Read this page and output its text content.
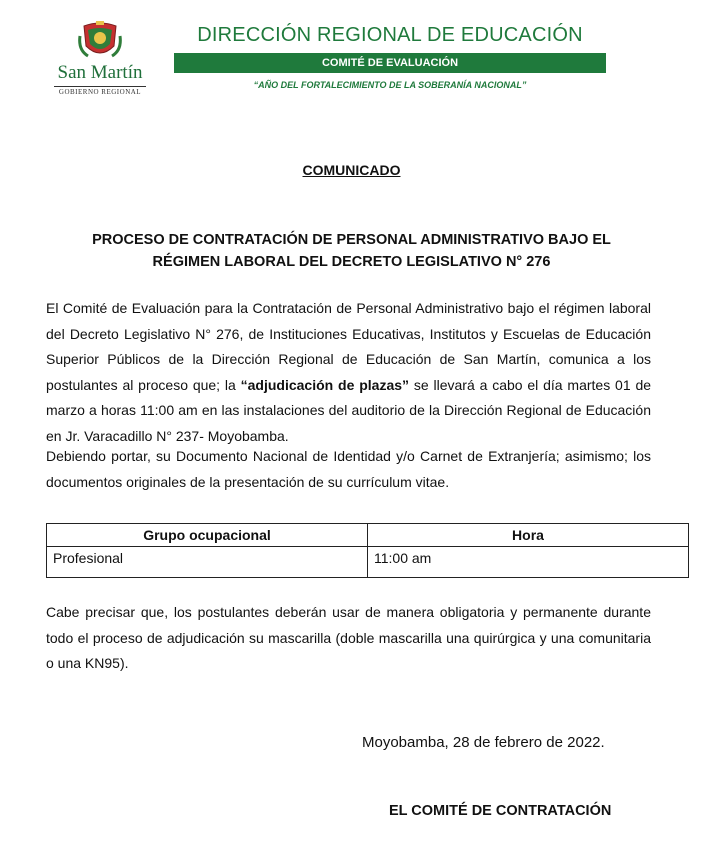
San Martín
GOBIERNO REGIONAL
DIRECCIÓN REGIONAL DE EDUCACIÓN
COMITÉ DE EVALUACIÓN
“AÑO DEL FORTALECIMIENTO DE LA SOBERANÍA NACIONAL”
COMUNICADO
PROCESO DE CONTRATACIÓN DE PERSONAL ADMINISTRATIVO BAJO EL
RÉGIMEN LABORAL DEL DECRETO LEGISLATIVO N° 276
El Comité de Evaluación para la Contratación de Personal Administrativo bajo el régimen laboral del Decreto Legislativo N° 276, de Instituciones Educativas, Institutos y Escuelas de Educación Superior Públicos de la Dirección Regional de Educación de San Martín, comunica a los postulantes al proceso que; la “adjudicación de plazas” se llevará a cabo el día martes 01 de marzo a horas 11:00 am en las instalaciones del auditorio de la Dirección Regional de Educación en Jr. Varacadillo N° 237- Moyobamba.
Debiendo portar, su Documento Nacional de Identidad y/o Carnet de Extranjería; asimismo; los documentos originales de la presentación de su currículum vitae.
Grupo ocupacional	Hora
Profesional	11:00 am
Cabe precisar que, los postulantes deberán usar de manera obligatoria y permanente durante todo el proceso de adjudicación su mascarilla (doble mascarilla una quirúrgica y una comunitaria o una KN95).
Moyobamba, 28 de febrero de 2022.
EL COMITÉ DE CONTRATACIÓN
